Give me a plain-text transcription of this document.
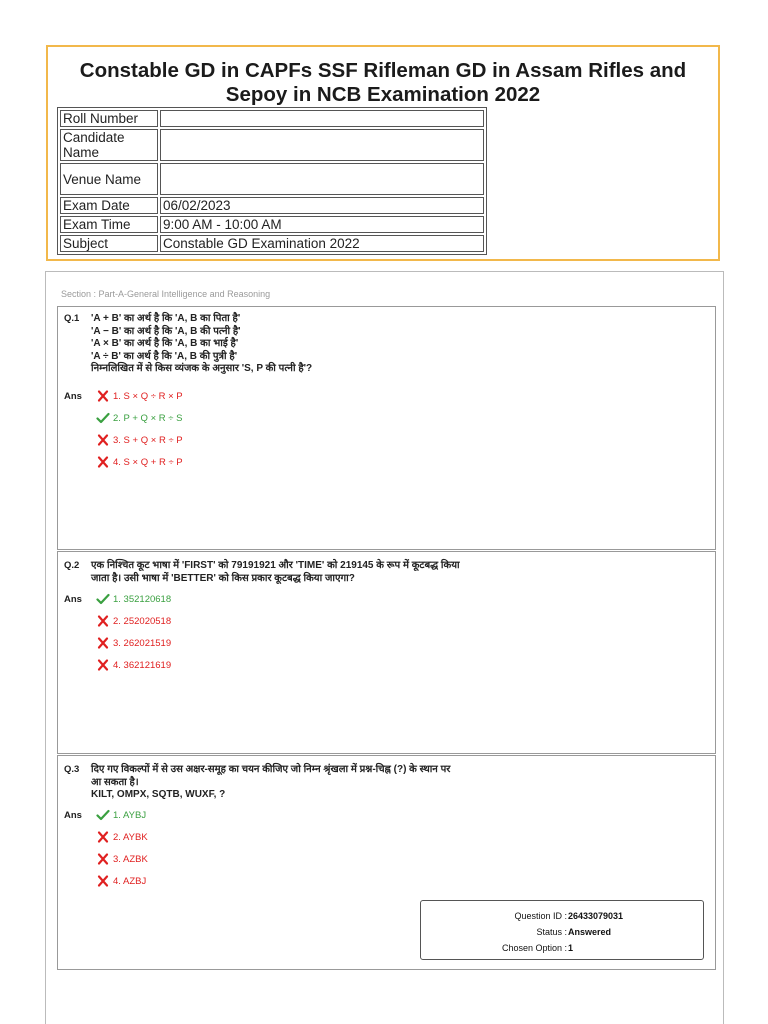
Constable GD in CAPFs SSF Rifleman GD in Assam Rifles and
Sepoy in NCB Examination 2022
Roll Number	
Candidate Name	
Venue Name	
Exam Date	06/02/2023
Exam Time	9:00 AM - 10:00 AM
Subject	Constable GD Examination 2022
Section : Part-A-General Intelligence and Reasoning
Q.1 'A + B' का अर्थ है कि 'A, B का पिता है'
'A − B' का अर्थ है कि 'A, B की पत्नी है'
'A × B' का अर्थ है कि 'A, B का भाई है'
'A ÷ B' का अर्थ है कि 'A, B की पुत्री है'
निम्नलिखित में से किस व्यंजक के अनुसार 'S, P की पत्नी है'?
Ans	1. S × Q ÷ R × P
2. P + Q × R ÷ S
3. S + Q × R ÷ P
4. S × Q + R ÷ P
Q.2 एक निश्चित कूट भाषा में 'FIRST' को 79191921 और 'TIME' को 219145 के रूप में कूटबद्ध किया
जाता है। उसी भाषा में 'BETTER' को किस प्रकार कूटबद्ध किया जाएगा?
Ans	1. 352120618
2. 252020518
3. 262021519
4. 362121619
Q.3 दिए गए विकल्पों में से उस अक्षर-समूह का चयन कीजिए जो निम्न श्रृंखला में प्रश्न-चिह्न (?) के स्थान पर
आ सकता है।
KILT, OMPX, SQTB, WUXF, ?
Ans	1. AYBJ
2. AYBK
3. AZBK
4. AZBJ
Question ID : 26433079031
Status : Answered
Chosen Option : 1
